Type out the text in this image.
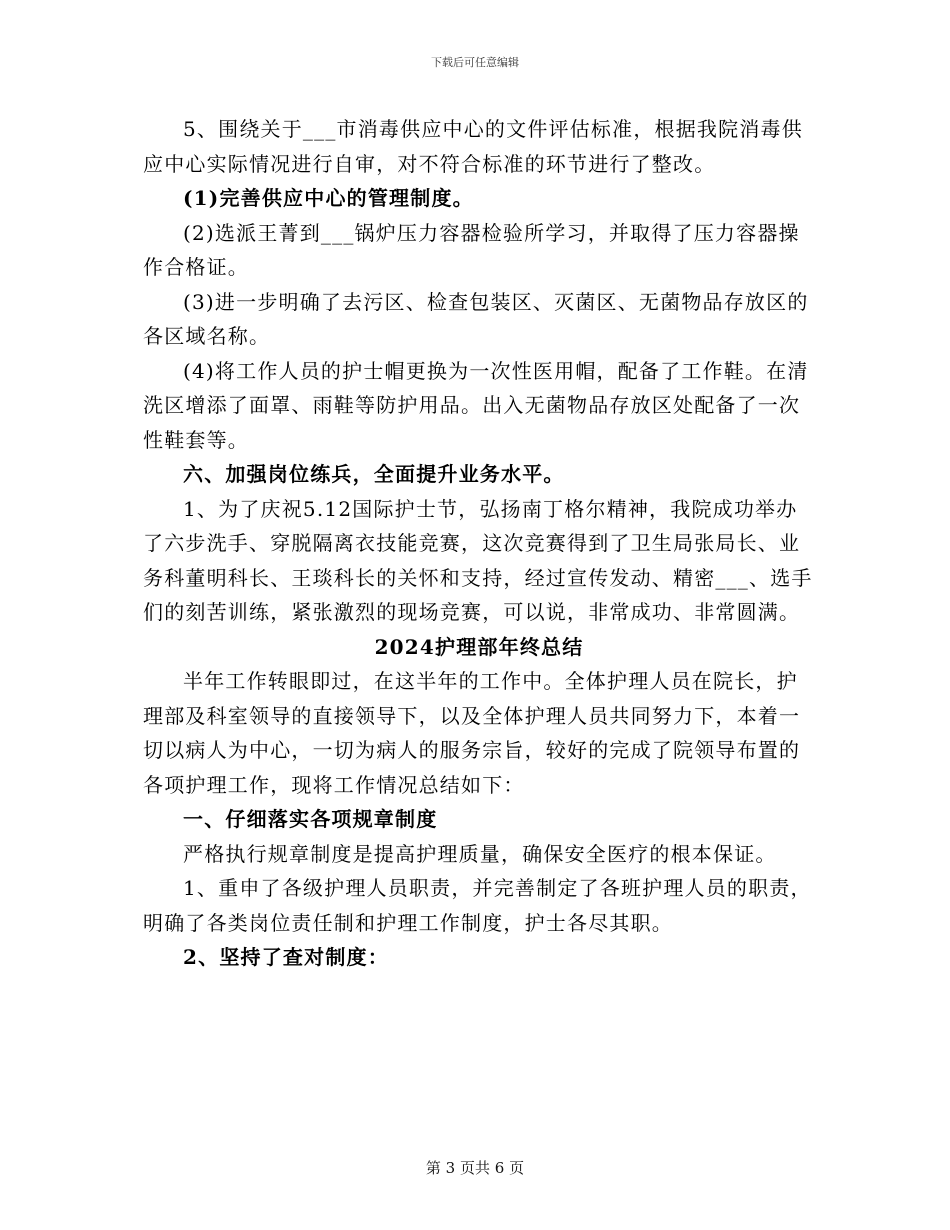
下载后可任意编辑

5、围绕关于___市消毒供应中心的文件评估标准，根据我院消毒供应中心实际情况进行自审，对不符合标准的环节进行了整改。

(1)完善供应中心的管理制度。

(2)选派王菁到___锅炉压力容器检验所学习，并取得了压力容器操作合格证。

(3)进一步明确了去污区、检查包装区、灭菌区、无菌物品存放区的各区域名称。

(4)将工作人员的护士帽更换为一次性医用帽，配备了工作鞋。在清洗区增添了面罩、雨鞋等防护用品。出入无菌物品存放区处配备了一次性鞋套等。

六、加强岗位练兵，全面提升业务水平。

1、为了庆祝5.12国际护士节，弘扬南丁格尔精神，我院成功举办了六步洗手、穿脱隔离衣技能竞赛，这次竞赛得到了卫生局张局长、业务科董明科长、王琰科长的关怀和支持，经过宣传发动、精密___、选手们的刻苦训练，紧张激烈的现场竞赛，可以说，非常成功、非常圆满。

2024护理部年终总结

半年工作转眼即过，在这半年的工作中。全体护理人员在院长，护理部及科室领导的直接领导下，以及全体护理人员共同努力下，本着一切以病人为中心，一切为病人的服务宗旨，较好的完成了院领导布置的各项护理工作，现将工作情况总结如下：

一、仔细落实各项规章制度

严格执行规章制度是提高护理质量，确保安全医疗的根本保证。

1、重申了各级护理人员职责，并完善制定了各班护理人员的职责，明确了各类岗位责任制和护理工作制度，护士各尽其职。

2、坚持了查对制度：

第 3 页共 6 页
